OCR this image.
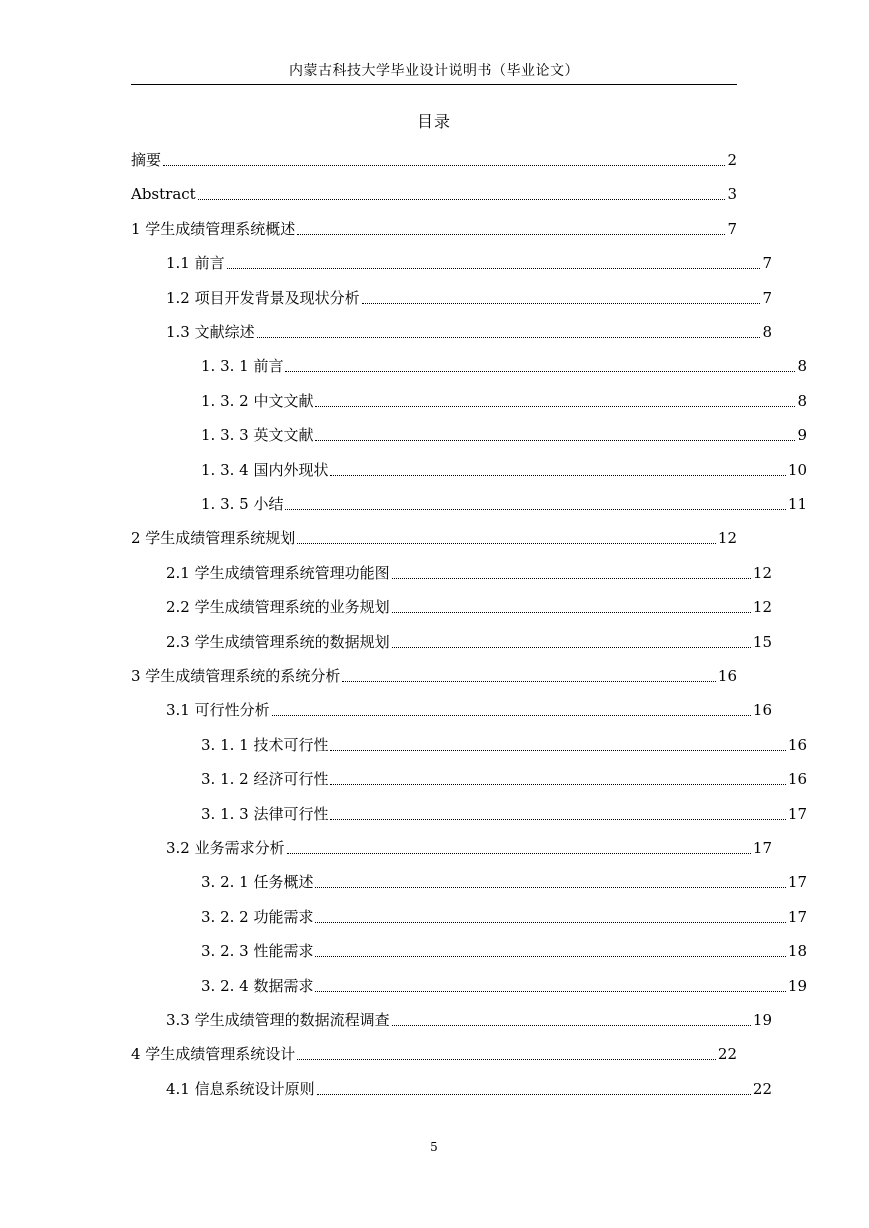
内蒙古科技大学毕业设计说明书（毕业论文）
目录
摘要	2
Abstract	3
1 学生成绩管理系统概述	7
1.1 前言	7
1.2 项目开发背景及现状分析	7
1.3 文献综述	8
1. 3. 1 前言	8
1. 3. 2 中文文献	8
1. 3. 3 英文文献	9
1. 3. 4 国内外现状	10
1. 3. 5 小结	11
2 学生成绩管理系统规划	12
2.1 学生成绩管理系统管理功能图	12
2.2 学生成绩管理系统的业务规划	12
2.3 学生成绩管理系统的数据规划	15
3 学生成绩管理系统的系统分析	16
3.1 可行性分析	16
3. 1. 1 技术可行性	16
3. 1. 2 经济可行性	16
3. 1. 3 法律可行性	17
3.2 业务需求分析	17
3. 2. 1 任务概述	17
3. 2. 2 功能需求	17
3. 2. 3 性能需求	18
3. 2. 4 数据需求	19
3.3 学生成绩管理的数据流程调查	19
4 学生成绩管理系统设计	22
4.1 信息系统设计原则	22
5
